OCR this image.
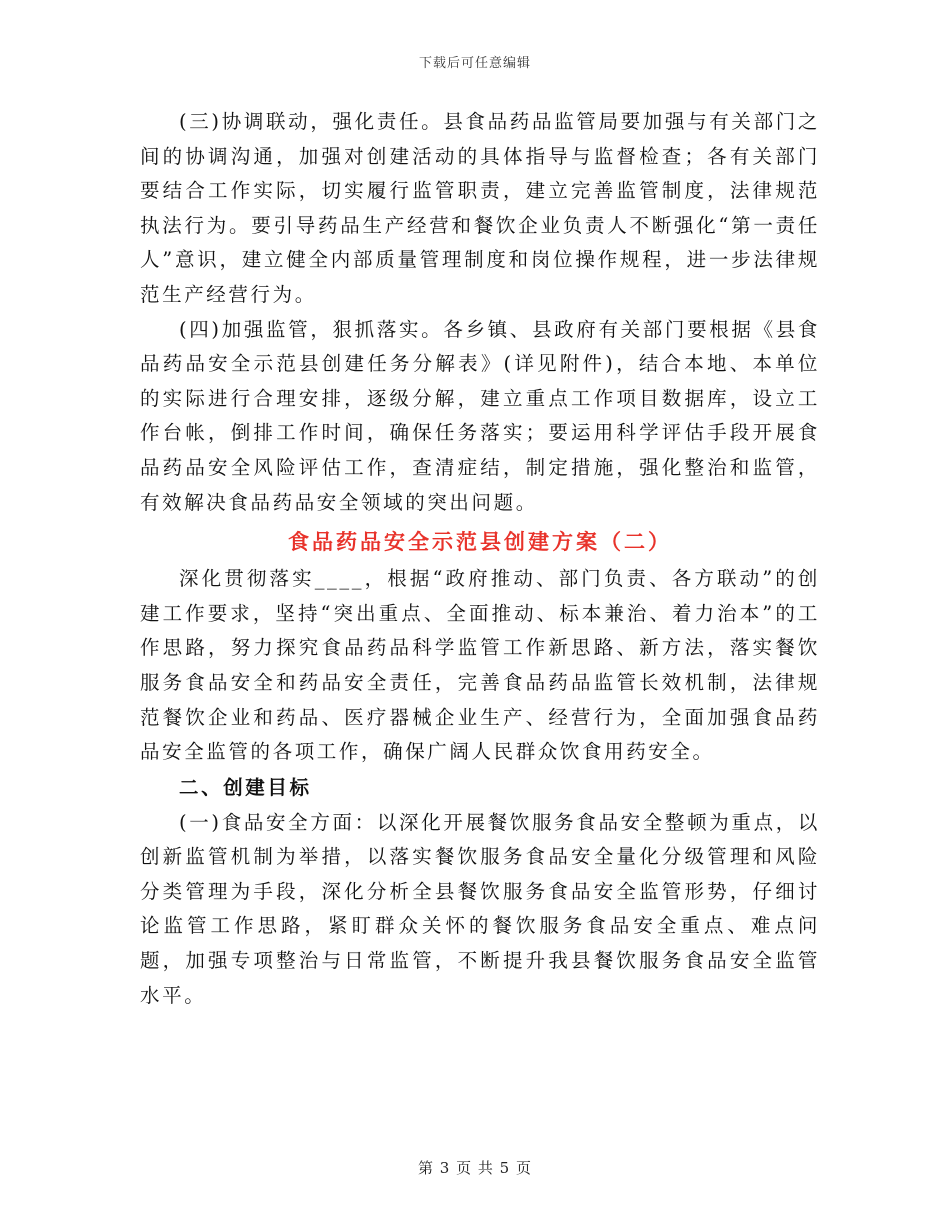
下载后可任意编辑

(三)协调联动，强化责任。县食品药品监管局要加强与有关部门之间的协调沟通，加强对创建活动的具体指导与监督检查；各有关部门要结合工作实际，切实履行监管职责，建立完善监管制度，法律规范执法行为。要引导药品生产经营和餐饮企业负责人不断强化“第一责任人”意识，建立健全内部质量管理制度和岗位操作规程，进一步法律规范生产经营行为。

(四)加强监管，狠抓落实。各乡镇、县政府有关部门要根据《县食品药品安全示范县创建任务分解表》(详见附件)，结合本地、本单位的实际进行合理安排，逐级分解，建立重点工作项目数据库，设立工作台帐，倒排工作时间，确保任务落实；要运用科学评估手段开展食品药品安全风险评估工作，查清症结，制定措施，强化整治和监管，有效解决食品药品安全领域的突出问题。

食品药品安全示范县创建方案（二）

深化贯彻落实____，根据“政府推动、部门负责、各方联动”的创建工作要求，坚持“突出重点、全面推动、标本兼治、着力治本”的工作思路，努力探究食品药品科学监管工作新思路、新方法，落实餐饮服务食品安全和药品安全责任，完善食品药品监管长效机制，法律规范餐饮企业和药品、医疗器械企业生产、经营行为，全面加强食品药品安全监管的各项工作，确保广阔人民群众饮食用药安全。

二、创建目标

(一)食品安全方面：以深化开展餐饮服务食品安全整顿为重点，以创新监管机制为举措，以落实餐饮服务食品安全量化分级管理和风险分类管理为手段，深化分析全县餐饮服务食品安全监管形势，仔细讨论监管工作思路，紧盯群众关怀的餐饮服务食品安全重点、难点问题，加强专项整治与日常监管，不断提升我县餐饮服务食品安全监管水平。

第 3 页 共 5 页
